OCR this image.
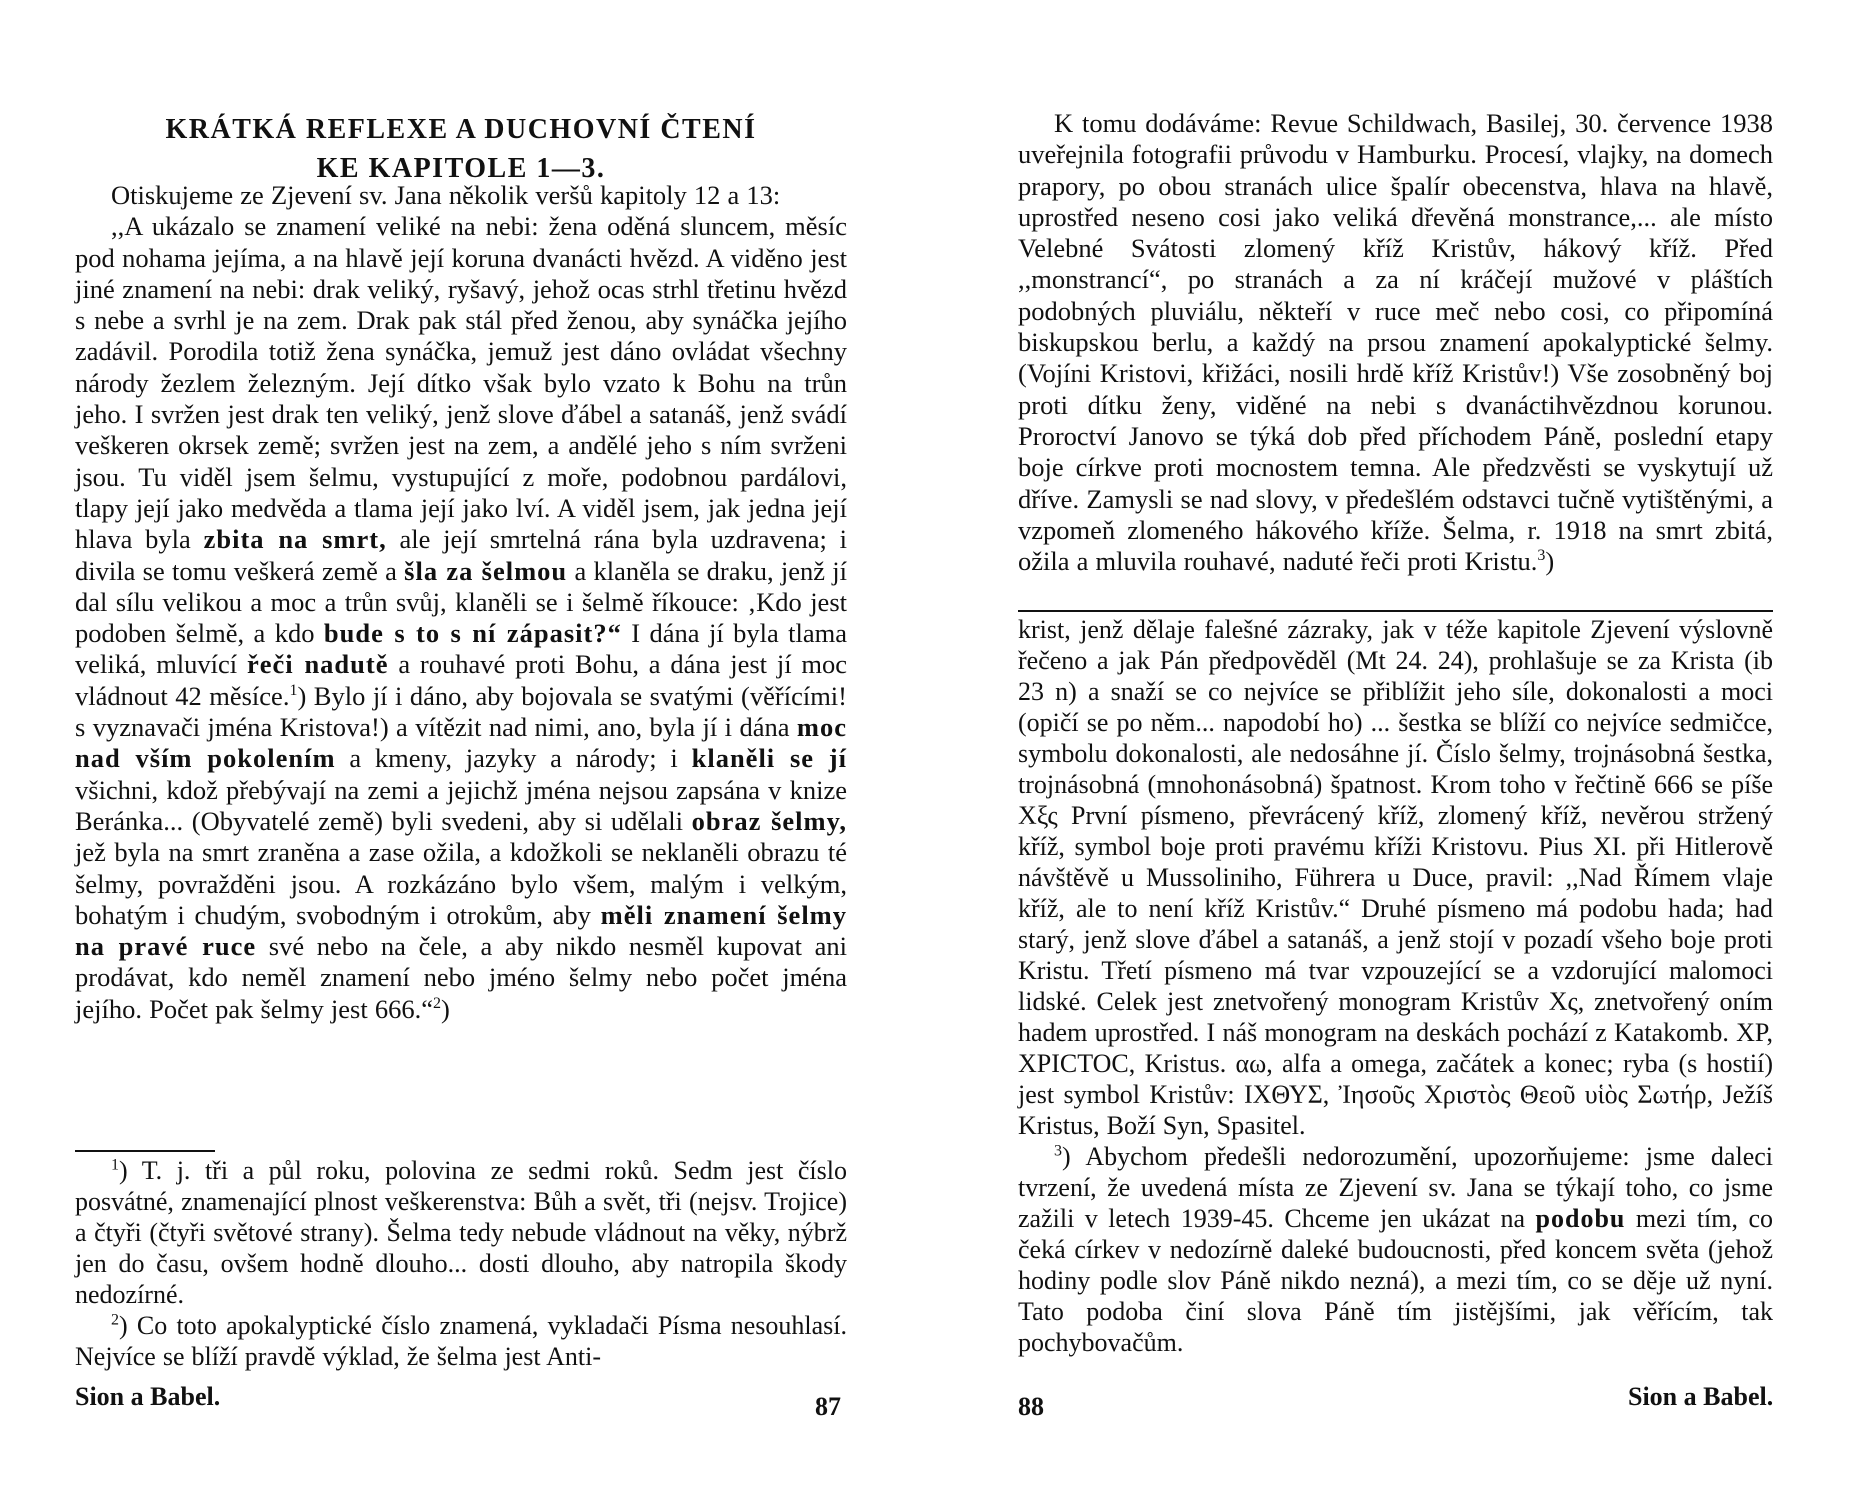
KRÁTKÁ REFLEXE A DUCHOVNÍ ČTENÍ
KE KAPITOLE 1—3.

Otiskujeme ze Zjevení sv. Jana několik veršů kapitoly 12 a 13:

,,A ukázalo se znamení veliké na nebi: žena oděná sluncem, měsíc pod nohama jejíma, a na hlavě její koruna dvanácti hvězd. A viděno jest jiné znamení na nebi: drak veliký, ryšavý, jehož ocas strhl třetinu hvězd s nebe a svrhl je na zem. Drak pak stál před ženou, aby synáčka jejího zadávil. Porodila totiž žena synáčka, jemuž jest dáno ovládat všechny národy žezlem železným. Její dítko však bylo vzato k Bohu na trůn jeho. I svržen jest drak ten veliký, jenž slove ďábel a satanáš, jenž svádí veškeren okrsek země; svržen jest na zem, a andělé jeho s ním svrženi jsou. Tu viděl jsem šelmu, vystupující z moře, podobnou pardálovi, tlapy její jako medvěda a tlama její jako lví. A viděl jsem, jak jedna její hlava byla zbita na smrt, ale její smrtelná rána byla uzdravena; i divila se tomu veškerá země a šla za šelmou a klaněla se draku, jenž jí dal sílu velikou a moc a trůn svůj, klaněli se i šelmě říkouce: ‚Kdo jest podoben šelmě, a kdo bude s to s ní zápasit?“ I dána jí byla tlama veliká, mluvící řeči nadutě a rouhavé proti Bohu, a dána jest jí moc vládnout 42 měsíce.$^1$) Bylo jí i dáno, aby bojovala se svatými (věřícími! s vyznavači jména Kristova!) a vítězit nad nimi, ano, byla jí i dána moc nad vším pokolením a kmeny, jazyky a národy; i klaněli se jí všichni, kdož přebývají na zemi a jejichž jména nejsou zapsána v knize Beránka... (Obyvatelé země) byli svedeni, aby si udělali obraz šelmy, jež byla na smrt zraněna a zase ožila, a kdožkoli se neklaněli obrazu té šelmy, povražděni jsou. A rozkázáno bylo všem, malým i velkým, bohatým i chudým, svobodným i otrokům, aby měli znamení šelmy na pravé ruce své nebo na čele, a aby nikdo nesměl kupovat ani prodávat, kdo neměl znamení nebo jméno šelmy nebo počet jména jejího. Počet pak šelmy jest 666.“$^2$)

$^1$) T. j. tři a půl roku, polovina ze sedmi roků. Sedm jest číslo posvátné, znamenající plnost veškerenstva: Bůh a svět, tři (nejsv. Trojice) a čtyři (čtyři světové strany). Šelma tedy nebude vládnout na věky, nýbrž jen do času, ovšem hodně dlouho... dosti dlouho, aby natropila škody nedozírné.

$^2$) Co toto apokalyptické číslo znamená, vykladači Písma nesouhlasí. Nejvíce se blíží pravdě výklad, že šelma jest Anti-

Sion a Babel.	87

K tomu dodáváme: Revue Schildwach, Basilej, 30. července 1938 uveřejnila fotografii průvodu v Hamburku. Procesí, vlajky, na domech prapory, po obou stranách ulice špalír obecenstva, hlava na hlavě, uprostřed neseno cosi jako veliká dřevěná monstrance,... ale místo Velebné Svátosti zlomený kříž Kristův, hákový kříž. Před ,,monstrancí“, po stranách a za ní kráčejí mužové v pláštích podobných pluviálu, někteří v ruce meč nebo cosi, co připomíná biskupskou berlu, a každý na prsou znamení apokalyptické šelmy. (Vojíni Kristovi, křižáci, nosili hrdě kříž Kristův!) Vše zosobněný boj proti dítku ženy, viděné na nebi s dvanáctihvězdnou korunou. Proroctví Janovo se týká dob před příchodem Páně, poslední etapy boje církve proti mocnostem temna. Ale předzvěsti se vyskytují už dříve. Zamysli se nad slovy, v předešlém odstavci tučně vytištěnými, a vzpomeň zlomeného hákového kříže. Šelma, r. 1918 na smrt zbitá, ožila a mluvila rouhavé, naduté řeči proti Kristu.$^3$)

krist, jenž dělaje falešné zázraky, jak v téže kapitole Zjevení výslovně řečeno a jak Pán předpověděl (Mt 24. 24), prohlašuje se za Krista (ib 23 n) a snaží se co nejvíce se přiblížit jeho síle, dokonalosti a moci (opičí se po něm... napodobí ho) ... šestka se blíží co nejvíce sedmičce, symbolu dokonalosti, ale nedosáhne jí. Číslo šelmy, trojnásobná šestka, trojnásobná (mnohonásobná) špatnost. Krom toho v řečtině 666 se píše Χξς První písmeno, převrácený kříž, zlomený kříž, nevěrou stržený kříž, symbol boje proti pravému kříži Kristovu. Pius XI. při Hitlerově návštěvě u Mussoliniho, Führera u Duce, pravil: ,,Nad Římem vlaje kříž, ale to není kříž Kristův.“ Druhé písmeno má podobu hada; had starý, jenž slove ďábel a satanáš, a jenž stojí v pozadí všeho boje proti Kristu. Třetí písmeno má tvar vzpouzející se a vzdorující malomoci lidské. Celek jest znetvořený monogram Kristův Χς, znetvořený oním hadem uprostřed. I náš monogram na deskách pochází z Katakomb. XP, XPICTOC, Kristus. αω, alfa a omega, začátek a konec; ryba (s hostií) jest symbol Kristův: ΙΧΘΥΣ, Ἰησοῦς Χριστὸς Θεοῦ υἱὸς Σωτήρ, Ježíš Kristus, Boží Syn, Spasitel.

$^3$) Abychom předešli nedorozumění, upozorňujeme: jsme daleci tvrzení, že uvedená místa ze Zjevení sv. Jana se týkají toho, co jsme zažili v letech 1939-45. Chceme jen ukázat na podobu mezi tím, co čeká církev v nedozírně daleké budoucnosti, před koncem světa (jehož hodiny podle slov Páně nikdo nezná), a mezi tím, co se děje už nyní. Tato podoba činí slova Páně tím jistějšími, jak věřícím, tak pochybovačům.

88	Sion a Babel.
